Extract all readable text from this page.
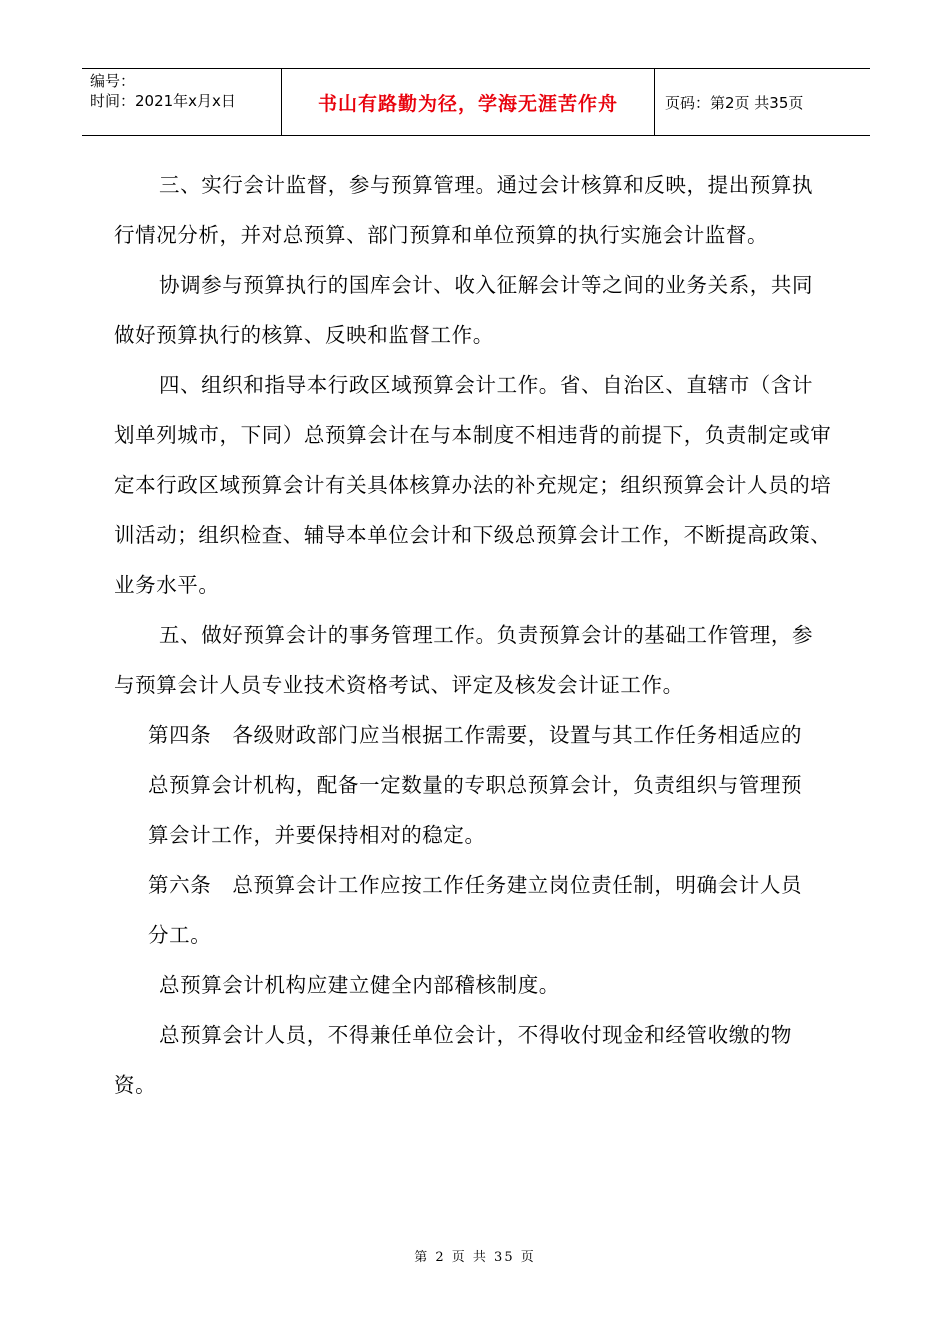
编号：
时间：2021年x月x日	书山有路勤为径，学海无涯苦作舟	页码：第2页 共35页

三、实行会计监督，参与预算管理。通过会计核算和反映，提出预算执行情况分析，并对总预算、部门预算和单位预算的执行实施会计监督。

协调参与预算执行的国库会计、收入征解会计等之间的业务关系，共同做好预算执行的核算、反映和监督工作。

四、组织和指导本行政区域预算会计工作。省、自治区、直辖市（含计划单列城市，下同）总预算会计在与本制度不相违背的前提下，负责制定或审定本行政区域预算会计有关具体核算办法的补充规定；组织预算会计人员的培训活动；组织检查、辅导本单位会计和下级总预算会计工作，不断提高政策、业务水平。

五、做好预算会计的事务管理工作。负责预算会计的基础工作管理，参与预算会计人员专业技术资格考试、评定及核发会计证工作。

第四条　各级财政部门应当根据工作需要，设置与其工作任务相适应的总预算会计机构，配备一定数量的专职总预算会计，负责组织与管理预算会计工作，并要保持相对的稳定。

第六条　总预算会计工作应按工作任务建立岗位责任制，明确会计人员分工。

总预算会计机构应建立健全内部稽核制度。

总预算会计人员，不得兼任单位会计，不得收付现金和经管收缴的物资。

第 2 页 共 35 页
